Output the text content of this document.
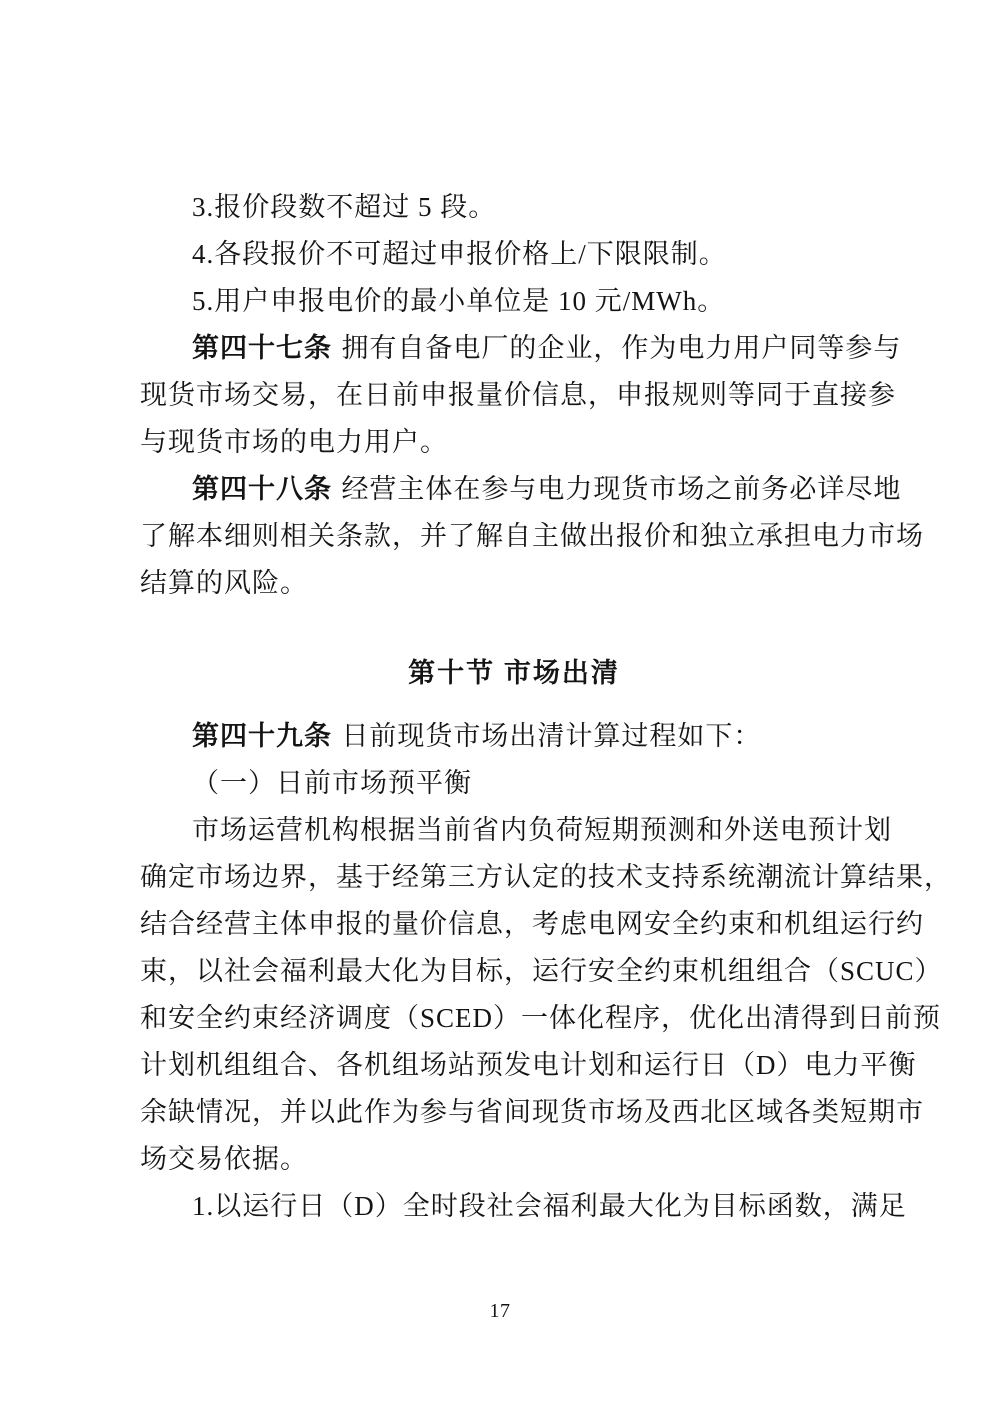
3.报价段数不超过 5 段。

4.各段报价不可超过申报价格上/下限限制。

5.用户申报电价的最小单位是 10 元/MWh。

第四十七条 拥有自备电厂的企业，作为电力用户同等参与

现货市场交易，在日前申报量价信息，申报规则等同于直接参

与现货市场的电力用户。

第四十八条 经营主体在参与电力现货市场之前务必详尽地

了解本细则相关条款，并了解自主做出报价和独立承担电力市场

结算的风险。

第十节 市场出清

第四十九条 日前现货市场出清计算过程如下：

（一）日前市场预平衡

市场运营机构根据当前省内负荷短期预测和外送电预计划

确定市场边界，基于经第三方认定的技术支持系统潮流计算结果，

结合经营主体申报的量价信息，考虑电网安全约束和机组运行约

束，以社会福利最大化为目标，运行安全约束机组组合（SCUC）

和安全约束经济调度（SCED）一体化程序，优化出清得到日前预

计划机组组合、各机组场站预发电计划和运行日（D）电力平衡

余缺情况，并以此作为参与省间现货市场及西北区域各类短期市

场交易依据。

1.以运行日（D）全时段社会福利最大化为目标函数，满足

17
